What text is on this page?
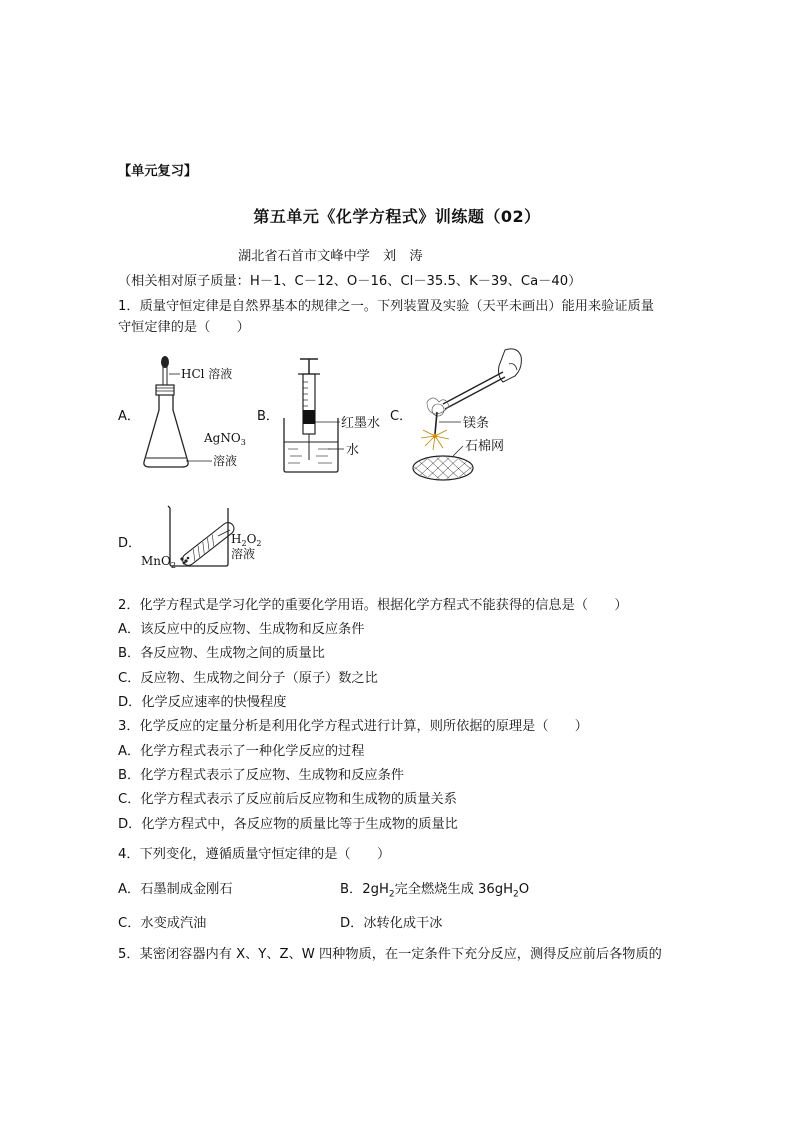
【单元复习】
第五单元《化学方程式》训练题（02）
湖北省石首市文峰中学　刘　涛
（相关相对原子质量：H－1、C－12、O－16、Cl－35.5、K－39、Ca－40）
1．质量守恒定律是自然界基本的规律之一。下列装置及实验（天平未画出）能用来验证质量
守恒定律的是（　　）
A．
HCl 溶液
AgNO$_3$
溶液
B．	红墨水
水
C．	镁条
石棉网
D．	$H_2O_2$
溶液
MnO$_2$
2．化学方程式是学习化学的重要化学用语。根据化学方程式不能获得的信息是（　　）
A．该反应中的反应物、生成物和反应条件
B．各反应物、生成物之间的质量比
C．反应物、生成物之间分子（原子）数之比
D．化学反应速率的快慢程度
3．化学反应的定量分析是利用化学方程式进行计算，则所依据的原理是（　　）
A．化学方程式表示了一种化学反应的过程
B．化学方程式表示了反应物、生成物和反应条件
C．化学方程式表示了反应前后反应物和生成物的质量关系
D．化学方程式中，各反应物的质量比等于生成物的质量比
4．下列变化，遵循质量守恒定律的是（　　）
A．石墨制成金刚石	B．$2gH_2$完全燃烧生成 $36gH_2O$
C．水变成汽油	D．冰转化成干冰
5．某密闭容器内有 X、Y、Z、W 四种物质，在一定条件下充分反应，测得反应前后各物质的
